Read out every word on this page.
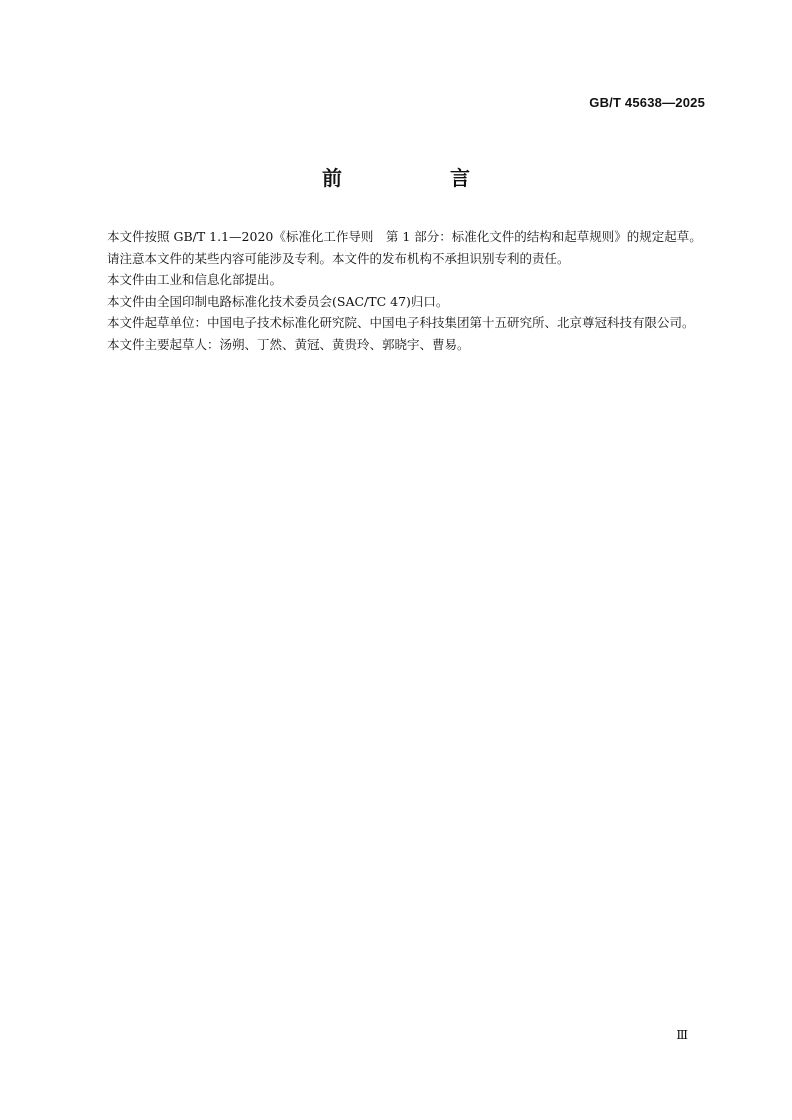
GB/T 45638—2025
前　言

本文件按照 GB/T 1.1—2020《标准化工作导则　第 1 部分：标准化文件的结构和起草规则》的规定起草。

请注意本文件的某些内容可能涉及专利。本文件的发布机构不承担识别专利的责任。

本文件由工业和信息化部提出。

本文件由全国印制电路标准化技术委员会(SAC/TC 47)归口。

本文件起草单位：中国电子技术标准化研究院、中国电子科技集团第十五研究所、北京尊冠科技有限公司。

本文件主要起草人：汤朔、丁然、黄冠、黄贵玲、郭晓宇、曹易。

Ⅲ
